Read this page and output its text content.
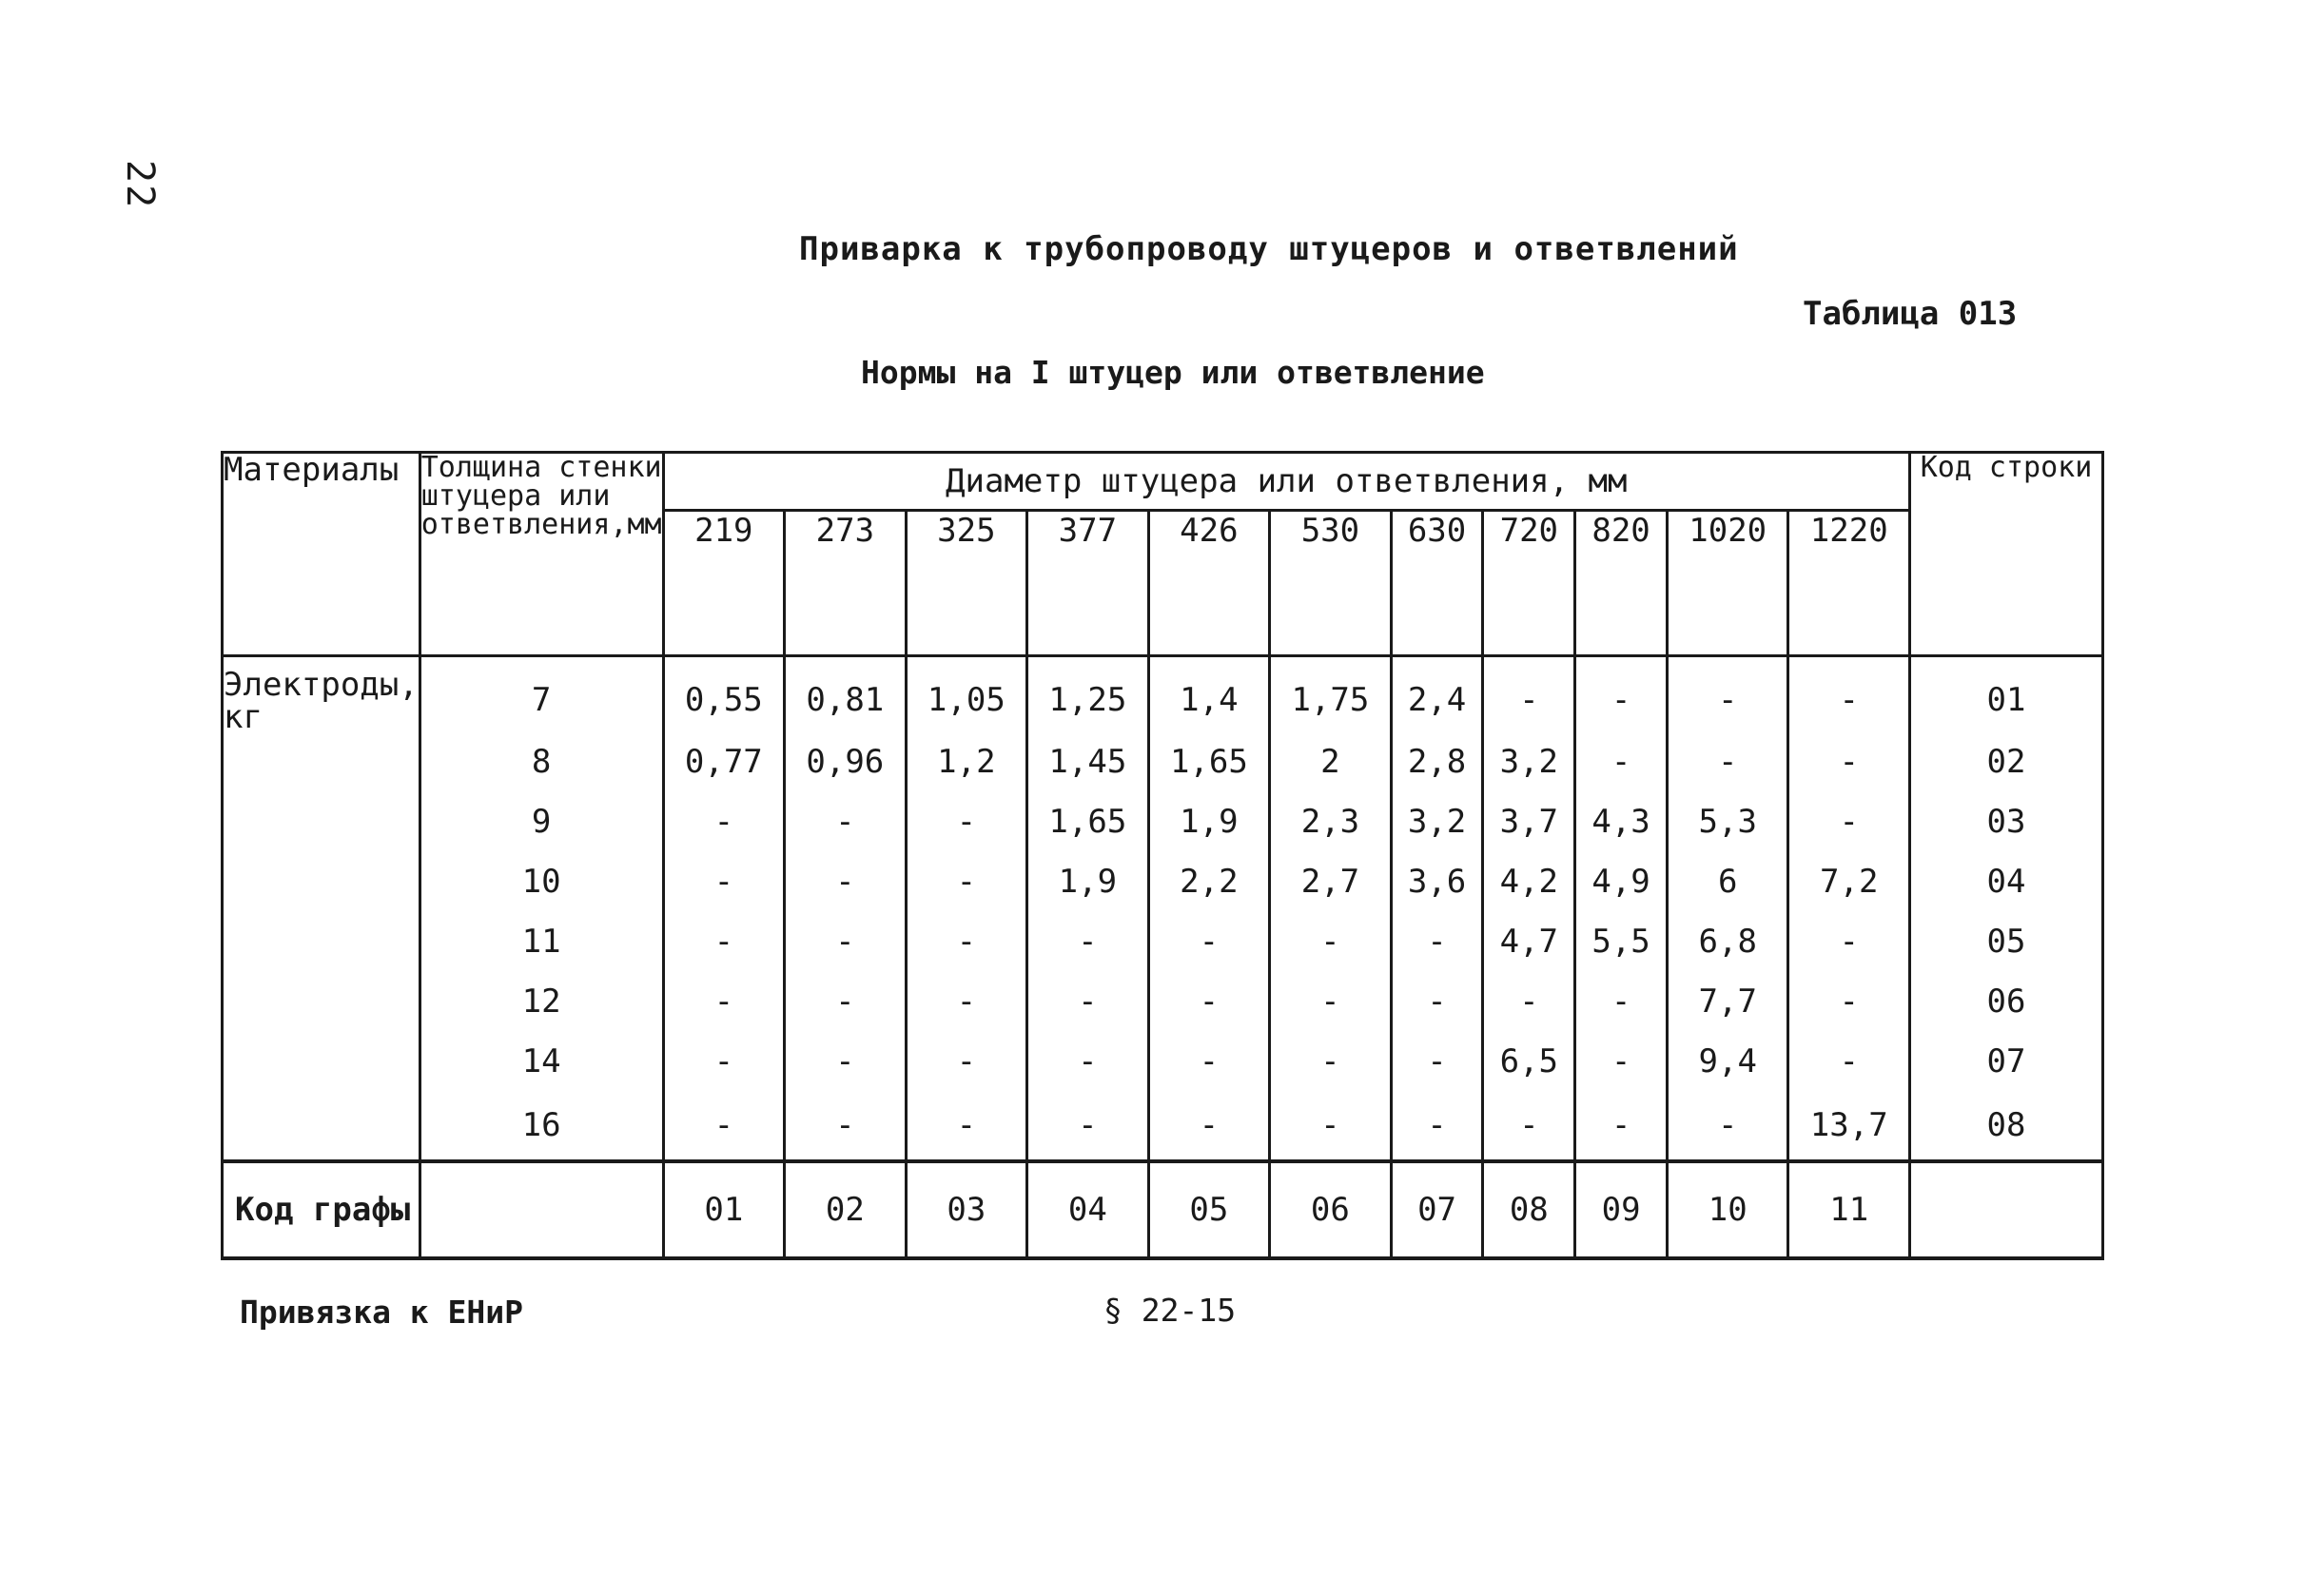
22
Приварка к трубопроводу штуцеров и ответвлений
Таблица 013
Нормы на I штуцер или ответвление
Материалы	Толщина стенки штуцера или ответвления,мм	Диаметр штуцера или ответвления, мм											Код строки
		219	273	325	377	426	530	630	720	820	1020	1220	
Электроды, кг	7	0,55	0,81	1,05	1,25	1,4	1,75	2,4	-	-	-	-	01
	8	0,77	0,96	1,2	1,45	1,65	2	2,8	3,2	-	-	-	02
	9	-	-	-	1,65	1,9	2,3	3,2	3,7	4,3	5,3	-	03
	10	-	-	-	1,9	2,2	2,7	3,6	4,2	4,9	6	7,2	04
	11	-	-	-	-	-	-	-	4,7	5,5	6,8	-	05
	12	-	-	-	-	-	-	-	-	-	7,7	-	06
	14	-	-	-	-	-	-	-	6,5	-	9,4	-	07
	16	-	-	-	-	-	-	-	-	-	-	13,7	08
Код графы		01	02	03	04	05	06	07	08	09	10	11	
Привязка к ЕНиР	§ 22-15
